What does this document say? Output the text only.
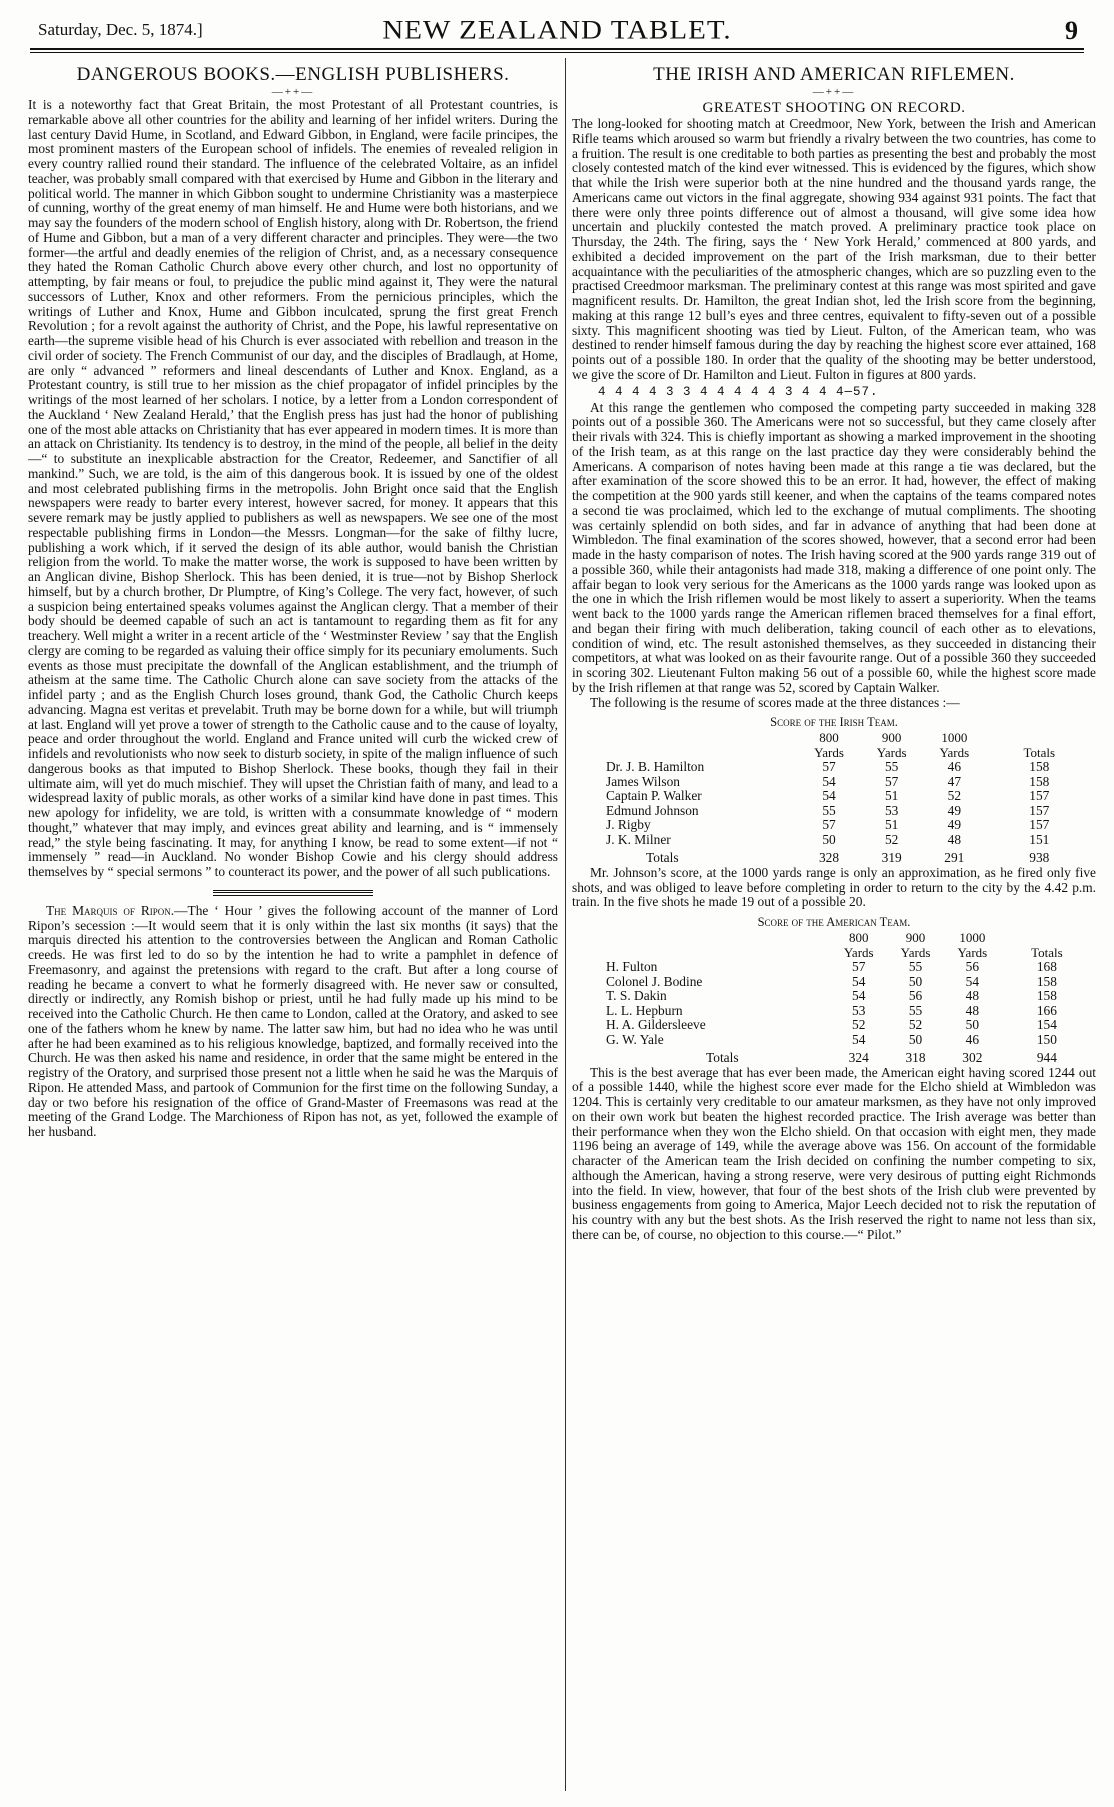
Saturday, Dec. 5, 1874.]	NEW ZEALAND TABLET.	9
DANGEROUS BOOKS.—ENGLISH PUBLISHERS.
—++—

It is a noteworthy fact that Great Britain, the most Protestant of all Protestant countries, is remarkable above all other countries for the ability and learning of her infidel writers. During the last century David Hume, in Scotland, and Edward Gibbon, in England, were facile principes, the most prominent masters of the European school of infidels. The enemies of revealed religion in every country rallied round their standard. The influence of the celebrated Voltaire, as an infidel teacher, was probably small compared with that exercised by Hume and Gibbon in the literary and political world. The manner in which Gibbon sought to undermine Christianity was a masterpiece of cunning, worthy of the great enemy of man himself. He and Hume were both historians, and we may say the founders of the modern school of English history, along with Dr. Robertson, the friend of Hume and Gibbon, but a man of a very different character and principles. They were—the two former—the artful and deadly enemies of the religion of Christ, and, as a necessary consequence they hated the Roman Catholic Church above every other church, and lost no opportunity of attempting, by fair means or foul, to prejudice the public mind against it, They were the natural successors of Luther, Knox and other reformers. From the pernicious principles, which the writings of Luther and Knox, Hume and Gibbon inculcated, sprung the first great French Revolution ; for a revolt against the authority of Christ, and the Pope, his lawful representative on earth—the supreme visible head of his Church is ever associated with rebellion and treason in the civil order of society. The French Communist of our day, and the disciples of Bradlaugh, at Home, are only “ advanced ” reformers and lineal descendants of Luther and Knox. England, as a Protestant country, is still true to her mission as the chief propagator of infidel principles by the writings of the most learned of her scholars. I notice, by a letter from a London correspondent of the Auckland ‘ New Zealand Herald,’ that the English press has just had the honor of publishing one of the most able attacks on Christianity that has ever appeared in modern times. It is more than an attack on Christianity. Its tendency is to destroy, in the mind of the people, all belief in the deity—“ to substitute an inexplicable abstraction for the Creator, Redeemer, and Sanctifier of all mankind.” Such, we are told, is the aim of this dangerous book. It is issued by one of the oldest and most celebrated publishing firms in the metropolis. John Bright once said that the English newspapers were ready to barter every interest, however sacred, for money. It appears that this severe remark may be justly applied to publishers as well as newspapers. We see one of the most respectable publishing firms in London—the Messrs. Longman—for the sake of filthy lucre, publishing a work which, if it served the design of its able author, would banish the Christian religion from the world. To make the matter worse, the work is supposed to have been written by an Anglican divine, Bishop Sherlock. This has been denied, it is true—not by Bishop Sherlock himself, but by a church brother, Dr Plumptre, of King’s College. The very fact, however, of such a suspicion being entertained speaks volumes against the Anglican clergy. That a member of their body should be deemed capable of such an act is tantamount to regarding them as fit for any treachery. Well might a writer in a recent article of the ‘ Westminster Review ’ say that the English clergy are coming to be regarded as valuing their office simply for its pecuniary emoluments. Such events as those must precipitate the downfall of the Anglican establishment, and the triumph of atheism at the same time. The Catholic Church alone can save society from the attacks of the infidel party ; and as the English Church loses ground, thank God, the Catholic Church keeps advancing. Magna est veritas et prevelabit. Truth may be borne down for a while, but will triumph at last. England will yet prove a tower of strength to the Catholic cause and to the cause of loyalty, peace and order throughout the world. England and France united will curb the wicked crew of infidels and revolutionists who now seek to disturb society, in spite of the malign influence of such dangerous books as that imputed to Bishop Sherlock. These books, though they fail in their ultimate aim, will yet do much mischief. They will upset the Christian faith of many, and lead to a widespread laxity of public morals, as other works of a similar kind have done in past times. This new apology for infidelity, we are told, is written with a consummate knowledge of “ modern thought,” whatever that may imply, and evinces great ability and learning, and is “ immensely read,” the style being fascinating. It may, for anything I know, be read to some extent—if not “ immensely ” read—in Auckland. No wonder Bishop Cowie and his clergy should address themselves by “ special sermons ” to counteract its power, and the power of all such publications.

The Marquis of Ripon.—The ‘ Hour ’ gives the following account of the manner of Lord Ripon’s secession :—It would seem that it is only within the last six months (it says) that the marquis directed his attention to the controversies between the Anglican and Roman Catholic creeds. He was first led to do so by the intention he had to write a pamphlet in defence of Freemasonry, and against the pretensions with regard to the craft. But after a long course of reading he became a convert to what he formerly disagreed with. He never saw or consulted, directly or indirectly, any Romish bishop or priest, until he had fully made up his mind to be received into the Catholic Church. He then came to London, called at the Oratory, and asked to see one of the fathers whom he knew by name. The latter saw him, but had no idea who he was until after he had been examined as to his religious knowledge, baptized, and formally received into the Church. He was then asked his name and residence, in order that the same might be entered in the registry of the Oratory, and surprised those present not a little when he said he was the Marquis of Ripon. He attended Mass, and partook of Communion for the first time on the following Sunday, a day or two before his resignation of the office of Grand-Master of Freemasons was read at the meeting of the Grand Lodge. The Marchioness of Ripon has not, as yet, followed the example of her husband.

THE IRISH AND AMERICAN RIFLEMEN.
—++—
GREATEST SHOOTING ON RECORD.

The long-looked for shooting match at Creedmoor, New York, between the Irish and American Rifle teams which aroused so warm but friendly a rivalry between the two countries, has come to a fruition. The result is one creditable to both parties as presenting the best and probably the most closely contested match of the kind ever witnessed. This is evidenced by the figures, which show that while the Irish were superior both at the nine hundred and the thousand yards range, the Americans came out victors in the final aggregate, showing 934 against 931 points. The fact that there were only three points difference out of almost a thousand, will give some idea how uncertain and pluckily contested the match proved. A preliminary practice took place on Thursday, the 24th. The firing, says the ‘ New York Herald,’ commenced at 800 yards, and exhibited a decided improvement on the part of the Irish marksman, due to their better acquaintance with the peculiarities of the atmospheric changes, which are so puzzling even to the practised Creedmoor marksman. The preliminary contest at this range was most spirited and gave magnificent results. Dr. Hamilton, the great Indian shot, led the Irish score from the beginning, making at this range 12 bull’s eyes and three centres, equivalent to fifty-seven out of a possible sixty. This magnificent shooting was tied by Lieut. Fulton, of the American team, who was destined to render himself famous during the day by reaching the highest score ever attained, 168 points out of a possible 180. In order that the quality of the shooting may be better understood, we give the score of Dr. Hamilton and Lieut. Fulton in figures at 800 yards.

4 4 4 4 3 3 4 4 4 4 4 3 4 4 4—57.

At this range the gentlemen who composed the competing party succeeded in making 328 points out of a possible 360. The Americans were not so successful, but they came closely after their rivals with 324. This is chiefly important as showing a marked improvement in the shooting of the Irish team, as at this range on the last practice day they were considerably behind the Americans. A comparison of notes having been made at this range a tie was declared, but the after examination of the score showed this to be an error. It had, however, the effect of making the competition at the 900 yards still keener, and when the captains of the teams compared notes a second tie was proclaimed, which led to the exchange of mutual compliments. The shooting was certainly splendid on both sides, and far in advance of anything that had been done at Wimbledon. The final examination of the scores showed, however, that a second error had been made in the hasty comparison of notes. The Irish having scored at the 900 yards range 319 out of a possible 360, while their antagonists had made 318, making a difference of one point only. The affair began to look very serious for the Americans as the 1000 yards range was looked upon as the one in which the Irish riflemen would be most likely to assert a superiority. When the teams went back to the 1000 yards range the American riflemen braced themselves for a final effort, and began their firing with much deliberation, taking council of each other as to elevations, condition of wind, etc. The result astonished themselves, as they succeeded in distancing their competitors, at what was looked on as their favourite range. Out of a possible 360 they succeeded in scoring 302. Lieutenant Fulton making 56 out of a possible 60, while the highest score made by the Irish riflemen at that range was 52, scored by Captain Walker.

The following is the resume of scores made at the three distances :—

Score of the Irish Team.
	800	900	1000	
	Yards	Yards	Yards	Totals
Dr. J. B. Hamilton	57	55	46	158
James Wilson	54	57	47	158
Captain P. Walker	54	51	52	157
Edmund Johnson	55	53	49	157
J. Rigby	57	51	49	157
J. K. Milner	50	52	48	151
Totals	328	319	291	938

Mr. Johnson’s score, at the 1000 yards range is only an approximation, as he fired only five shots, and was obliged to leave before completing in order to return to the city by the 4.42 p.m. train. In the five shots he made 19 out of a possible 20.

Score of the American Team.
	800	900	1000	
	Yards	Yards	Yards	Totals
H. Fulton	57	55	56	168
Colonel J. Bodine	54	50	54	158
T. S. Dakin	54	56	48	158
L. L. Hepburn	53	55	48	166
H. A. Gildersleeve	52	52	50	154
G. W. Yale	54	50	46	150
Totals	324	318	302	944

This is the best average that has ever been made, the American eight having scored 1244 out of a possible 1440, while the highest score ever made for the Elcho shield at Wimbledon was 1204. This is certainly very creditable to our amateur marksmen, as they have not only improved on their own work but beaten the highest recorded practice. The Irish average was better than their performance when they won the Elcho shield. On that occasion with eight men, they made 1196 being an average of 149, while the average above was 156. On account of the formidable character of the American team the Irish decided on confining the number competing to six, although the American, having a strong reserve, were very desirous of putting eight Richmonds into the field. In view, however, that four of the best shots of the Irish club were prevented by business engagements from going to America, Major Leech decided not to risk the reputation of his country with any but the best shots. As the Irish reserved the right to name not less than six, there can be, of course, no objection to this course.—“ Pilot.”
